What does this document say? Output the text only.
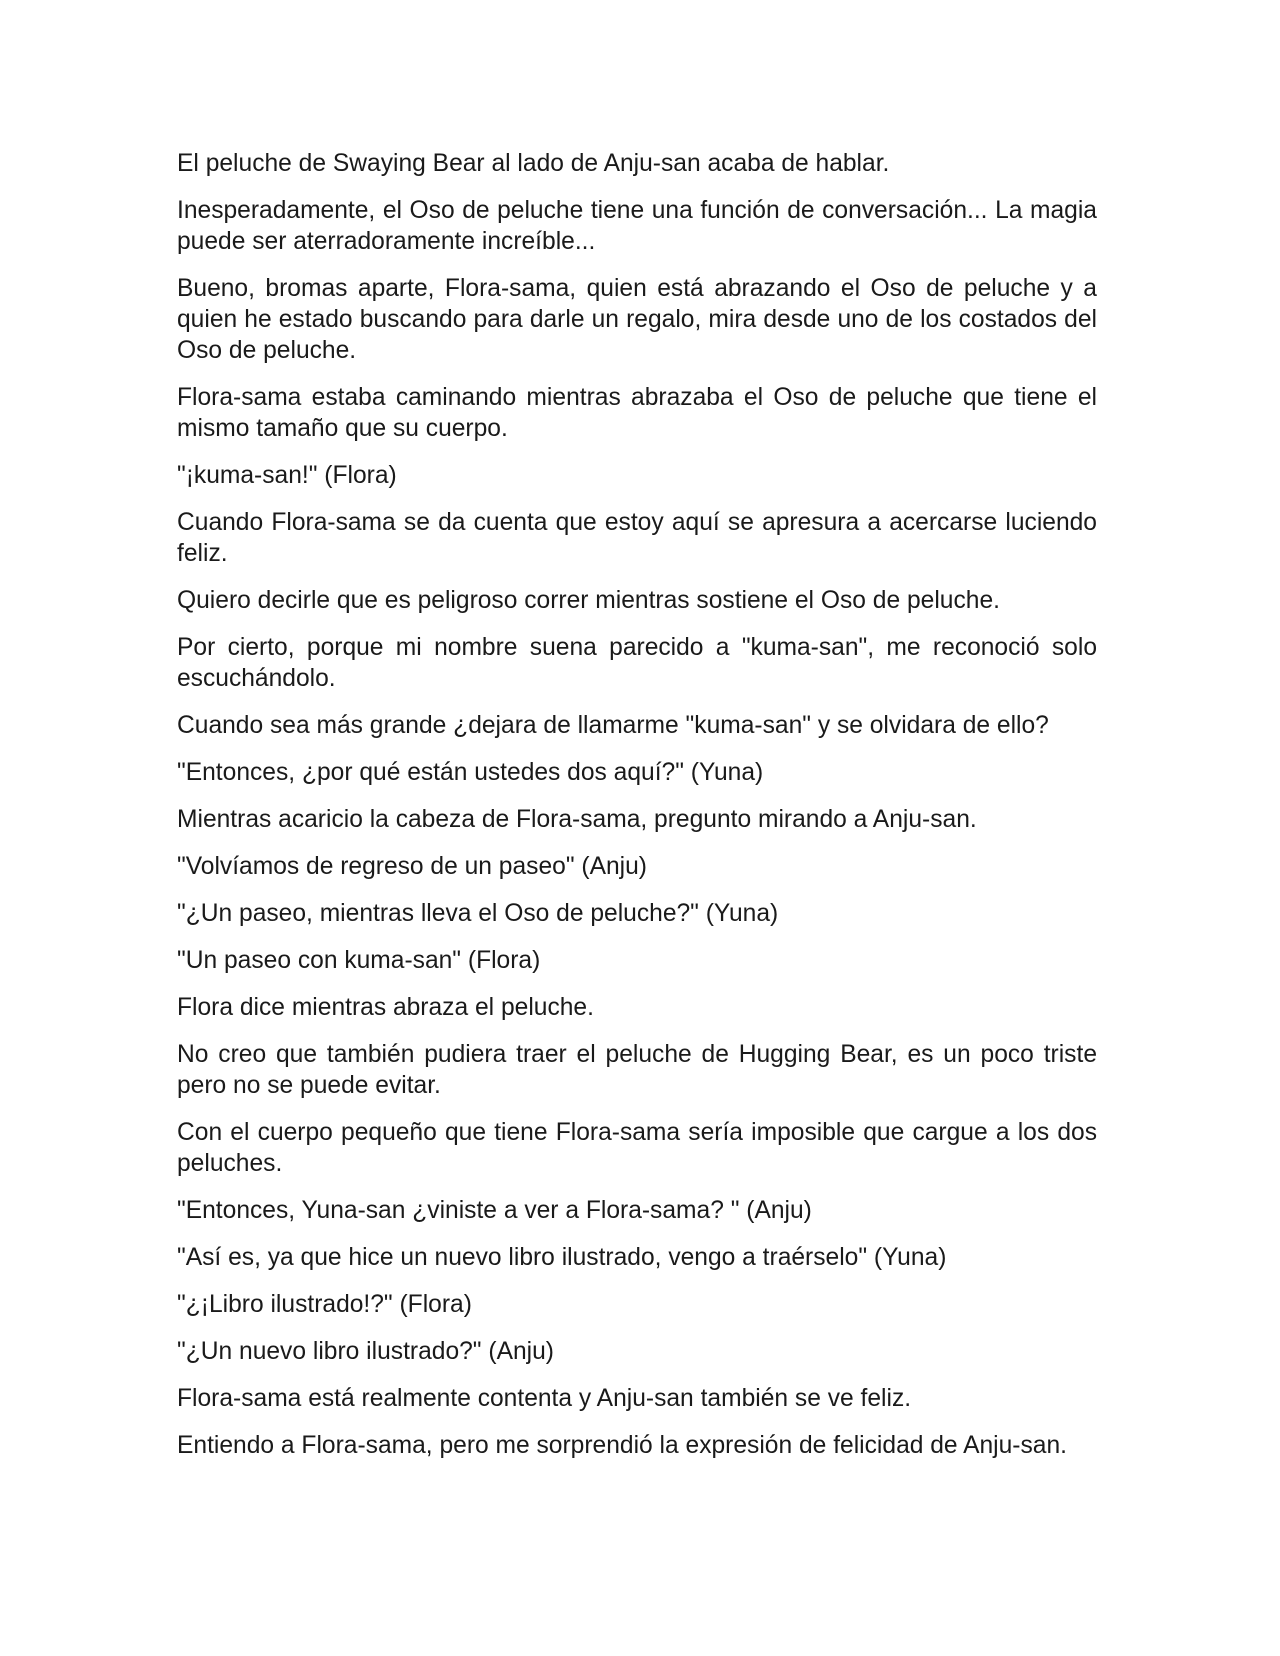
El peluche de Swaying Bear al lado de Anju-san acaba de hablar.

Inesperadamente, el Oso de peluche tiene una función de conversación... La magia puede ser aterradoramente increíble...

Bueno, bromas aparte, Flora-sama, quien está abrazando el Oso de peluche y a quien he estado buscando para darle un regalo, mira desde uno de los costados del Oso de peluche.

Flora-sama estaba caminando mientras abrazaba el Oso de peluche que tiene el mismo tamaño que su cuerpo.

"¡kuma-san!" (Flora)

Cuando Flora-sama se da cuenta que estoy aquí se apresura a acercarse luciendo feliz.

Quiero decirle que es peligroso correr mientras sostiene el Oso de peluche.

Por cierto, porque mi nombre suena parecido a "kuma-san", me reconoció solo escuchándolo.

Cuando sea más grande ¿dejara de llamarme "kuma-san" y se olvidara de ello?

"Entonces, ¿por qué están ustedes dos aquí?" (Yuna)

Mientras acaricio la cabeza de Flora-sama, pregunto mirando a Anju-san.

"Volvíamos de regreso de un paseo" (Anju)

"¿Un paseo, mientras lleva el Oso de peluche?" (Yuna)

"Un paseo con kuma-san" (Flora)

Flora dice mientras abraza el peluche.

No creo que también pudiera traer el peluche de Hugging Bear, es un poco triste pero no se puede evitar.

Con el cuerpo pequeño que tiene Flora-sama sería imposible que cargue a los dos peluches.

"Entonces, Yuna-san ¿viniste a ver a Flora-sama? " (Anju)

"Así es, ya que hice un nuevo libro ilustrado, vengo a traérselo" (Yuna)

"¿¡Libro ilustrado!?" (Flora)

"¿Un nuevo libro ilustrado?" (Anju)

Flora-sama está realmente contenta y Anju-san también se ve feliz.

Entiendo a Flora-sama, pero me sorprendió la expresión de felicidad de Anju-san.
